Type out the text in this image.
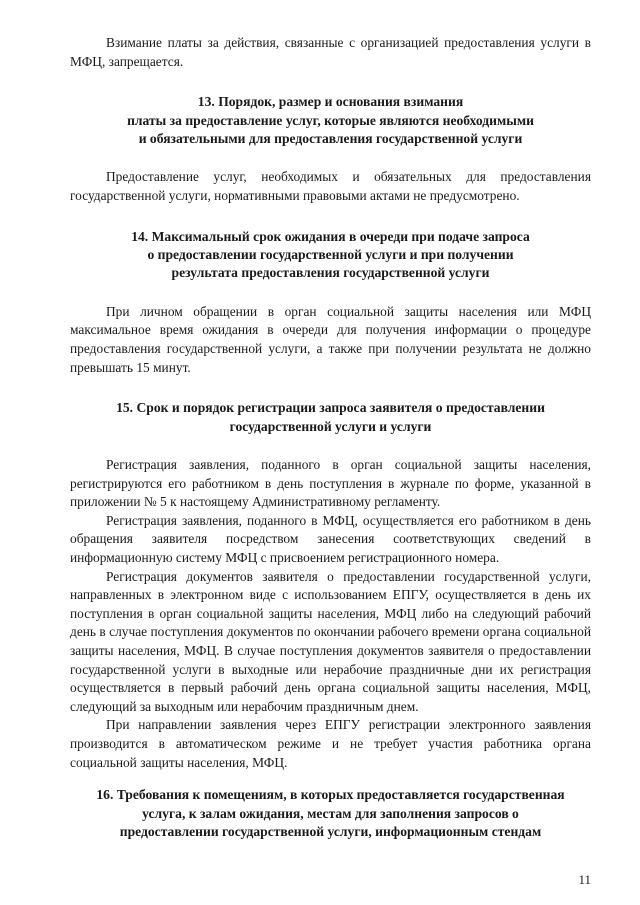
Взимание платы за действия, связанные с организацией предоставления услуги в МФЦ, запрещается.

13. Порядок, размер и основания взимания
платы за предоставление услуг, которые являются необходимыми
и обязательными для предоставления государственной услуги

Предоставление услуг, необходимых и обязательных для предоставления государственной услуги, нормативными правовыми актами не предусмотрено.

14. Максимальный срок ожидания в очереди при подаче запроса
о предоставлении государственной услуги и при получении
результата предоставления государственной услуги

При личном обращении в орган социальной защиты населения или МФЦ максимальное время ожидания в очереди для получения информации о процедуре предоставления государственной услуги, а также при получении результата не должно превышать 15 минут.

15. Срок и порядок регистрации запроса заявителя о предоставлении
государственной услуги и услуги

Регистрация заявления, поданного в орган социальной защиты населения, регистрируются его работником в день поступления в журнале по форме, указанной в приложении № 5 к настоящему Административному регламенту.

Регистрация заявления, поданного в МФЦ, осуществляется его работником в день обращения заявителя посредством занесения соответствующих сведений в информационную систему МФЦ с присвоением регистрационного номера.

Регистрация документов заявителя о предоставлении государственной услуги, направленных в электронном виде с использованием ЕПГУ, осуществляется в день их поступления в орган социальной защиты населения, МФЦ либо на следующий рабочий день в случае поступления документов по окончании рабочего времени органа социальной защиты населения, МФЦ. В случае поступления документов заявителя о предоставлении государственной услуги в выходные или нерабочие праздничные дни их регистрация осуществляется в первый рабочий день органа социальной защиты населения, МФЦ, следующий за выходным или нерабочим праздничным днем.

При направлении заявления через ЕПГУ регистрации электронного заявления производится в автоматическом режиме и не требует участия работника органа социальной защиты населения, МФЦ.

16. Требования к помещениям, в которых предоставляется государственная
услуга, к залам ожидания, местам для заполнения запросов о
предоставлении государственной услуги, информационным стендам
11
